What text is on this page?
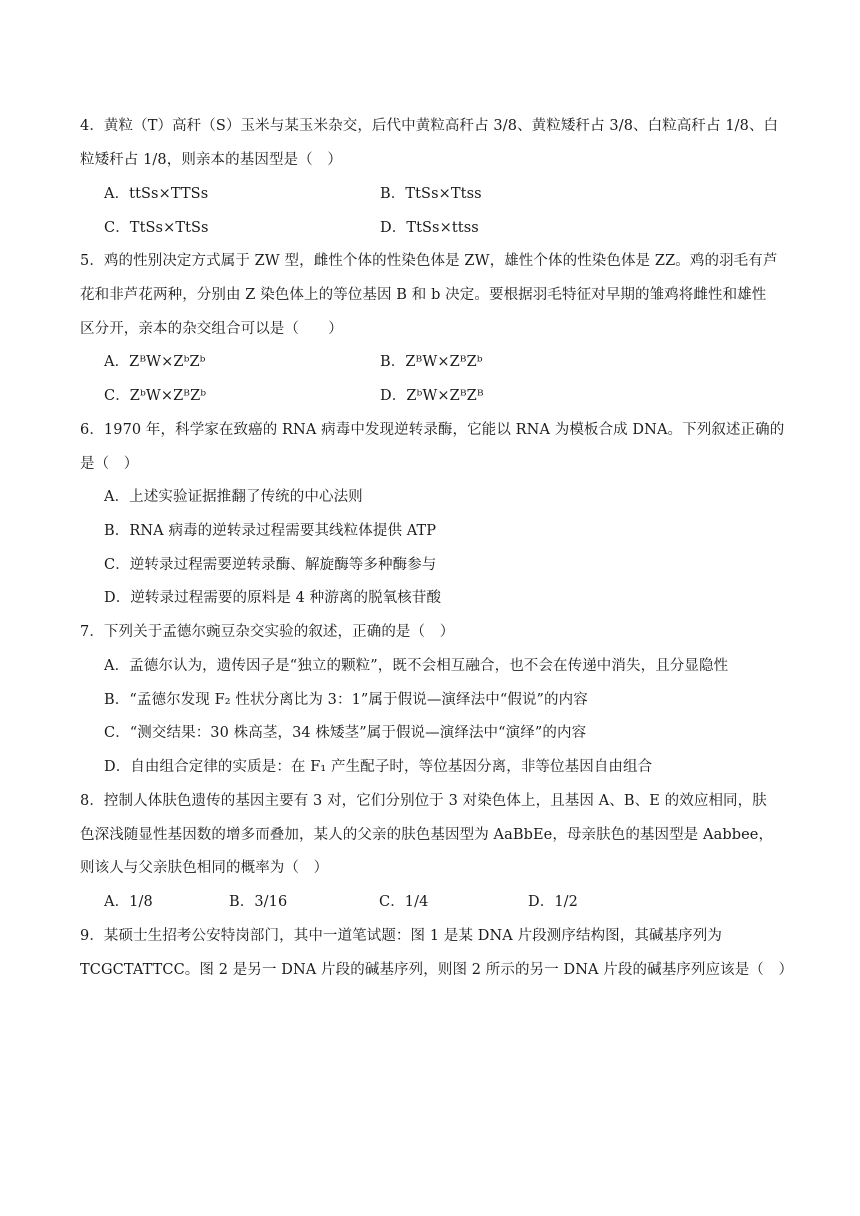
4．黄粒（T）高秆（S）玉米与某玉米杂交，后代中黄粒高秆占 3/8、黄粒矮秆占 3/8、白粒高秆占 1/8、白
粒矮秆占 1/8，则亲本的基因型是（　）
A．ttSs×TTSs	B．TtSs×Ttss
C．TtSs×TtSs	D．TtSs×ttss
5．鸡的性别决定方式属于 ZW 型，雌性个体的性染色体是 ZW，雄性个体的性染色体是 ZZ。鸡的羽毛有芦
花和非芦花两种，分别由 Z 染色体上的等位基因 B 和 b 决定。要根据羽毛特征对早期的雏鸡将雌性和雄性
区分开，亲本的杂交组合可以是（　　）
A．ZᴮW×ZᵇZᵇ	B．ZᴮW×ZᴮZᵇ
C．ZᵇW×ZᴮZᵇ	D．ZᵇW×ZᴮZᴮ
6．1970 年，科学家在致癌的 RNA 病毒中发现逆转录酶，它能以 RNA 为模板合成 DNA。下列叙述正确的
是（　）
A．上述实验证据推翻了传统的中心法则
B．RNA 病毒的逆转录过程需要其线粒体提供 ATP
C．逆转录过程需要逆转录酶、解旋酶等多种酶参与
D．逆转录过程需要的原料是 4 种游离的脱氧核苷酸
7．下列关于孟德尔豌豆杂交实验的叙述，正确的是（　）
A．孟德尔认为，遗传因子是“独立的颗粒”，既不会相互融合，也不会在传递中消失，且分显隐性
B．“孟德尔发现 F₂ 性状分离比为 3：1”属于假说—演绎法中“假说”的内容
C．“测交结果：30 株高茎，34 株矮茎”属于假说—演绎法中“演绎”的内容
D．自由组合定律的实质是：在 F₁ 产生配子时，等位基因分离，非等位基因自由组合
8．控制人体肤色遗传的基因主要有 3 对，它们分别位于 3 对染色体上，且基因 A、B、E 的效应相同，肤
色深浅随显性基因数的增多而叠加，某人的父亲的肤色基因型为 AaBbEe，母亲肤色的基因型是 Aabbee，
则该人与父亲肤色相同的概率为（　）
A．1/8	B．3/16	C．1/4	D．1/2
9．某硕士生招考公安特岗部门，其中一道笔试题：图 1 是某 DNA 片段测序结构图，其碱基序列为
TCGCTATTCC。图 2 是另一 DNA 片段的碱基序列，则图 2 所示的另一 DNA 片段的碱基序列应该是（　）
